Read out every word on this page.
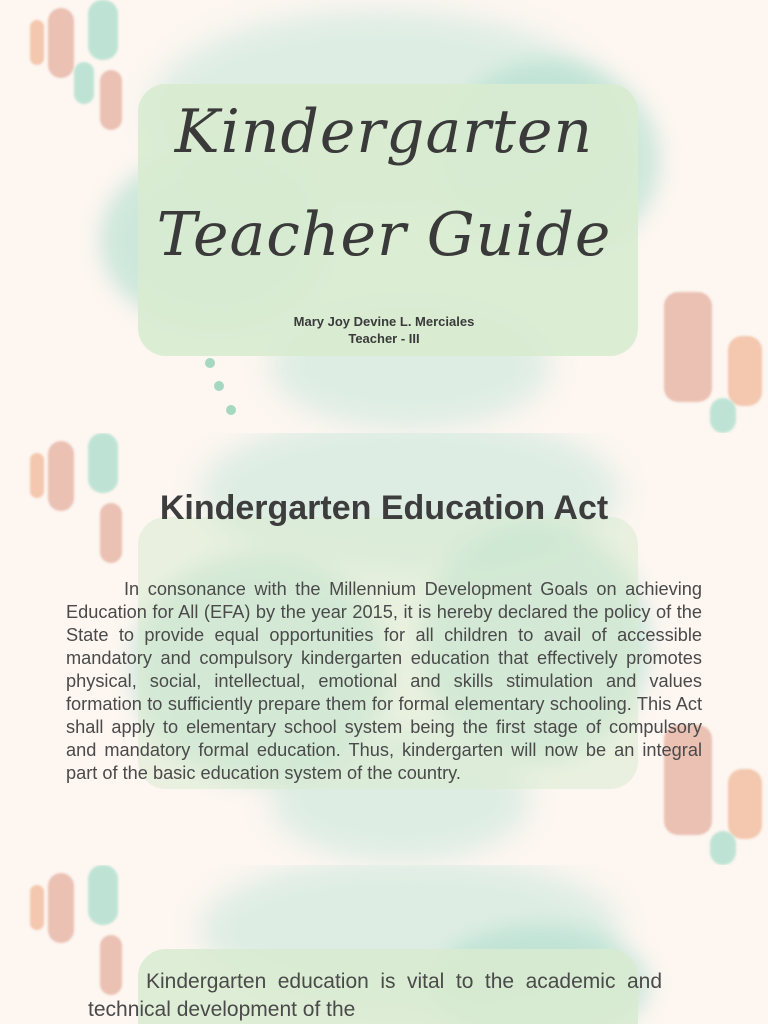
Kindergarten
Teacher Guide
Mary Joy Devine L. Merciales
Teacher - III
Kindergarten Education Act
In consonance with the Millennium Development Goals on achieving Education for All (EFA) by the year 2015, it is hereby declared the policy of the State to provide equal opportunities for all children to avail of accessible mandatory and compulsory kindergarten education that effectively promotes physical, social, intellectual, emotional and skills stimulation and values formation to sufficiently prepare them for formal elementary schooling. This Act shall apply to elementary school system being the first stage of compulsory and mandatory formal education. Thus, kindergarten will now be an integral part of the basic education system of the country.
Kindergarten education is vital to the academic and technical development of the
